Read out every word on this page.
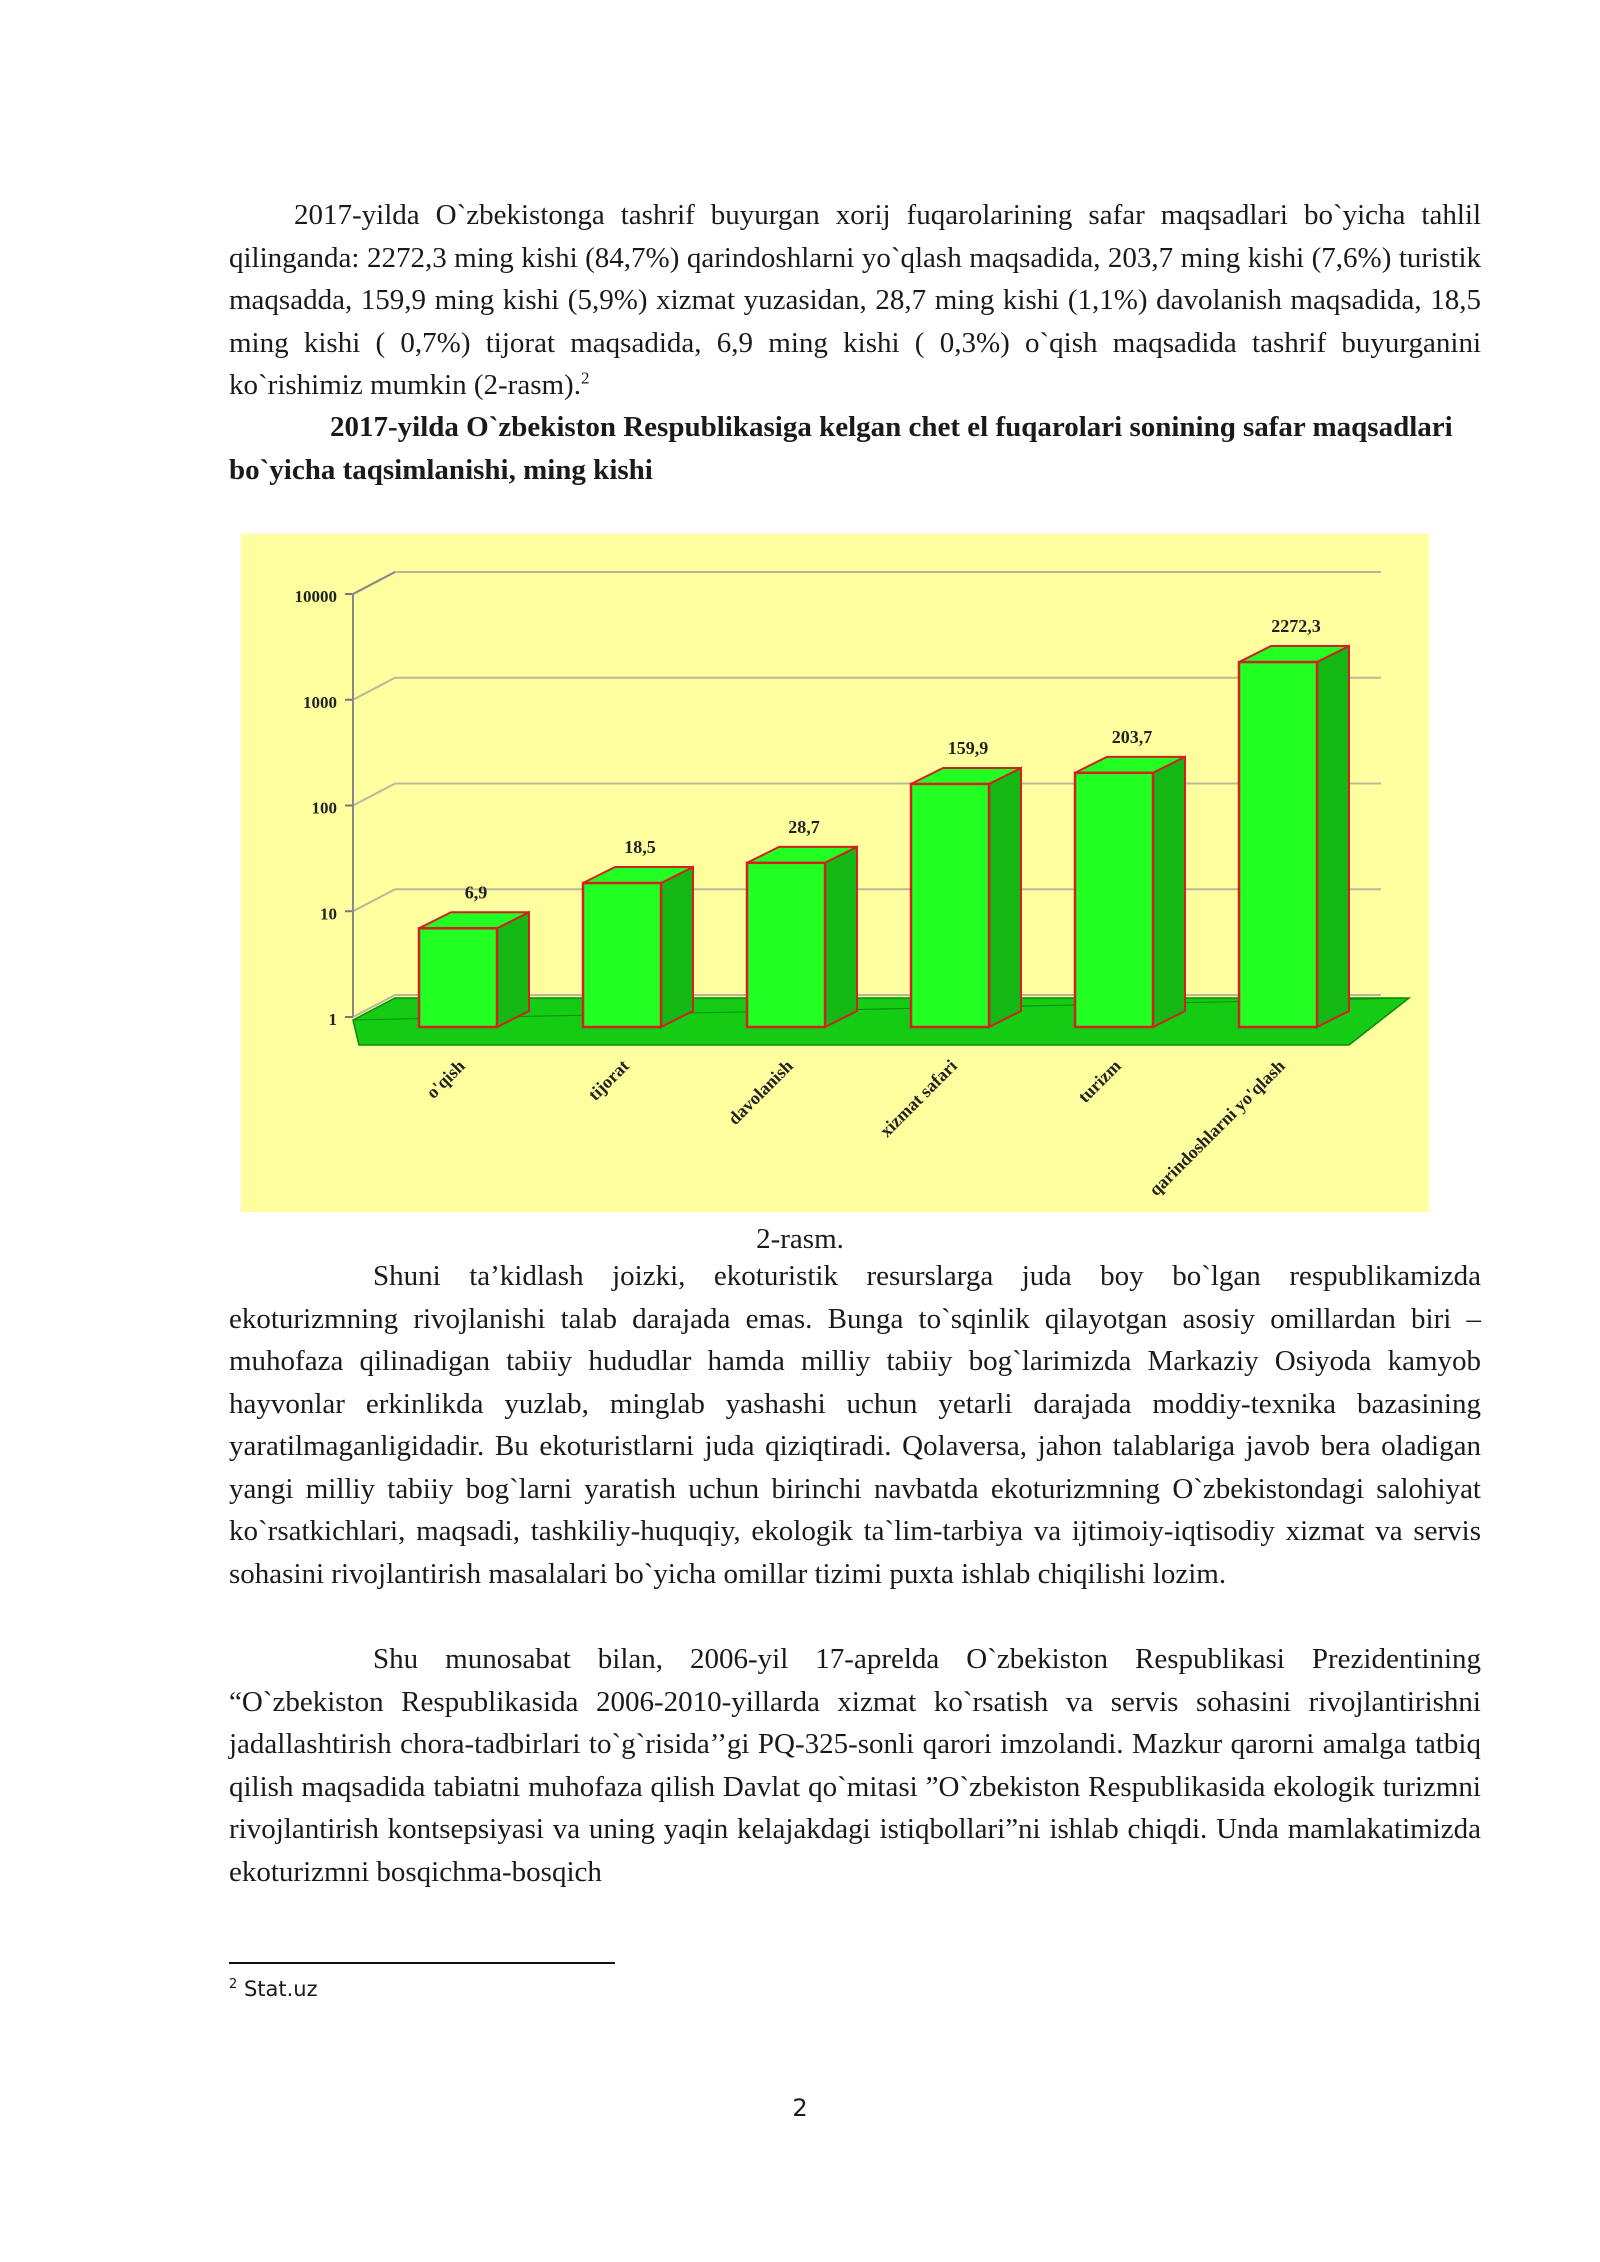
2017-yilda O`zbekistonga tashrif buyurgan xorij fuqarolarining safar maqsadlari bo`yicha tahlil qilinganda: 2272,3 ming kishi (84,7%) qarindoshlarni yo`qlash maqsadida, 203,7 ming kishi (7,6%) turistik maqsadda, 159,9 ming kishi (5,9%) xizmat yuzasidan, 28,7 ming kishi (1,1%) davolanish maqsadida, 18,5 ming kishi ( 0,7%) tijorat maqsadida, 6,9 ming kishi ( 0,3%) o`qish maqsadida tashrif buyurganini ko`rishimiz mumkin (2-rasm).$^2$

2017-yilda O`zbekiston Respublikasiga kelgan chet el fuqarolari sonininɡ safar maqsadlari

bo`yicha taqsimlanishi, ming kishi

10000
1000
100
10
1
6,9
o'qish
18,5
tijorat
28,7
davolanish
159,9
xizmat safari
203,7
turizm
2272,3
qarindoshlarni yo'qlash

2-rasm.

Shuni ta’kidlash joizki, ekoturistik resurslarga juda boy bo`lgan respublikamizda ekoturizmning rivojlanishi talab darajada emas. Bunga to`sqinlik qilayotgan asosiy omillardan biri – muhofaza qilinadigan tabiiy hududlar hamda milliy tabiiy bog`larimizda Markaziy Osiyoda kamyob hayvonlar erkinlikda yuzlab, minglab yashashi uchun yetarli darajada moddiy-texnika bazasining yaratilmaganligidadir. Bu ekoturistlarni juda qiziqtiradi. Qolaversa, jahon talablariga javob bera oladigan yangi milliy tabiiy bog`larni yaratish uchun birinchi navbatda ekoturizmning O`zbekistondagi salohiyat ko`rsatkichlari, maqsadi, tashkiliy-huquqiy, ekologik ta`lim-tarbiya va ijtimoiy-iqtisodiy xizmat va servis sohasini rivojlantirish masalalari bo`yicha omillar tizimi puxta ishlab chiqilishi lozim.

Shu munosabat bilan, 2006-yil 17-aprelda O`zbekiston Respublikasi Prezidentining “O`zbekiston Respublikasida 2006-2010-yillarda xizmat ko`rsatish va servis sohasini rivojlantirishni jadallashtirish chora-tadbirlari to`g`risida’’gi PQ-325-sonli qarori imzolandi. Mazkur qarorni amalga tatbiq qilish maqsadida tabiatni muhofaza qilish Davlat qo`mitasi ”O`zbekiston Respublikasida ekologik turizmni rivojlantirish kontsepsiyasi va uning yaqin kelajakdagi istiqbollari”ni ishlab chiqdi. Unda mamlakatimizda ekoturizmni bosqichma-bosqich

$^2$ Stat.uz
2
